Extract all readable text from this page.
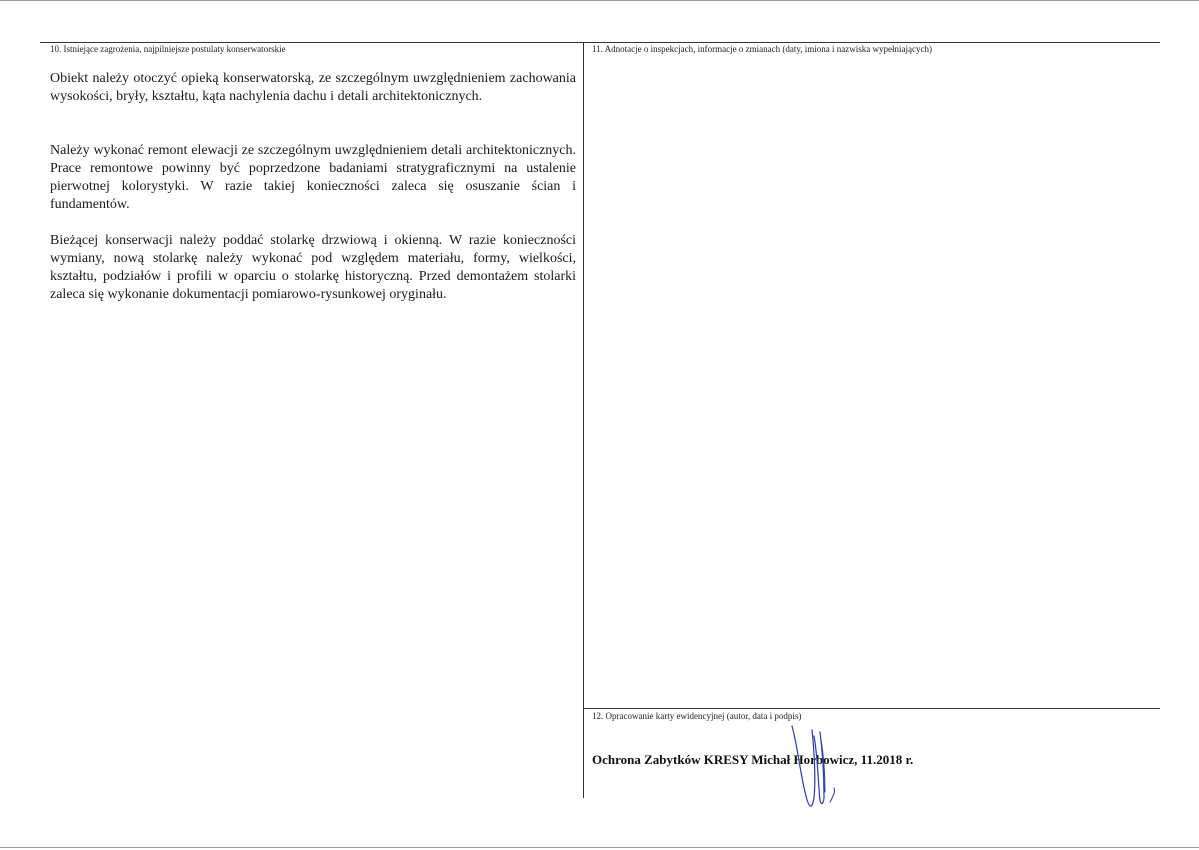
10. Istniejące zagrożenia, najpilniejsze postulaty konserwatorskie

Obiekt należy otoczyć opieką konserwatorską, ze szczególnym uwzględnieniem zachowania wysokości, bryły, kształtu, kąta nachylenia dachu i detali architektonicznych.

Należy wykonać remont elewacji ze szczególnym uwzględnieniem detali architektonicznych. Prace remontowe powinny być poprzedzone badaniami stratygraficznymi na ustalenie pierwotnej kolorystyki. W razie takiej konieczności zaleca się osuszanie ścian i fundamentów.

Bieżącej konserwacji należy poddać stolarkę drzwiową i okienną. W razie konieczności wymiany, nową stolarkę należy wykonać pod względem materiału, formy, wielkości, kształtu, podziałów i profili w oparciu o stolarkę historyczną. Przed demontażem stolarki zaleca się wykonanie dokumentacji pomiarowo-rysunkowej oryginału.

11. Adnotacje o inspekcjach, informacje o zmianach (daty, imiona i nazwiska wypełniających)
12. Opracowanie karty ewidencyjnej (autor, data i podpis)
Ochrona Zabytków KRESY Michał Horbowicz, 11.2018 r.
